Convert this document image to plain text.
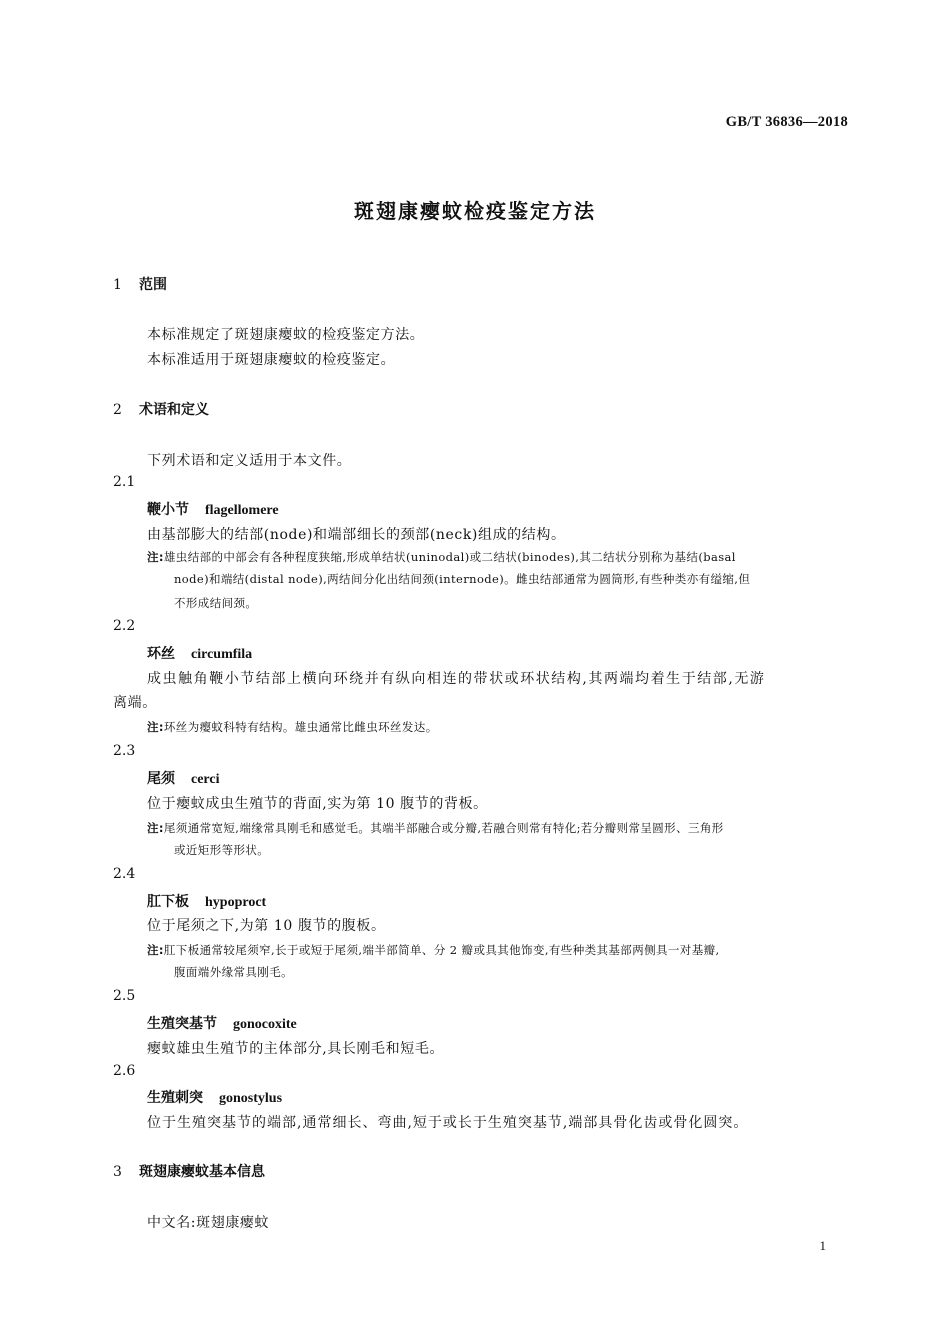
GB/T 36836—2018
斑翅康瘿蚊检疫鉴定方法
1 范围
本标准规定了斑翅康瘿蚊的检疫鉴定方法。
本标准适用于斑翅康瘿蚊的检疫鉴定。
2 术语和定义
下列术语和定义适用于本文件。
2.1
鞭小节 flagellomere
由基部膨大的结部(node)和端部细长的颈部(neck)组成的结构。
注:雄虫结部的中部会有各种程度狭缩,形成单结状(uninodal)或二结状(binodes),其二结状分别称为基结(basal
node)和端结(distal node),两结间分化出结间颈(internode)。雌虫结部通常为圆筒形,有些种类亦有缢缩,但
不形成结间颈。
2.2
环丝 circumfila
成虫触角鞭小节结部上横向环绕并有纵向相连的带状或环状结构,其两端均着生于结部,无游
离端。
注:环丝为瘿蚊科特有结构。雄虫通常比雌虫环丝发达。
2.3
尾须 cerci
位于瘿蚊成虫生殖节的背面,实为第 10 腹节的背板。
注:尾须通常宽短,端缘常具刚毛和感觉毛。其端半部融合或分瓣,若融合则常有特化;若分瓣则常呈圆形、三角形
或近矩形等形状。
2.4
肛下板 hypoproct
位于尾须之下,为第 10 腹节的腹板。
注:肛下板通常较尾须窄,长于或短于尾须,端半部简单、分 2 瓣或具其他饰变,有些种类其基部两侧具一对基瓣,
腹面端外缘常具刚毛。
2.5
生殖突基节 gonocoxite
瘿蚊雄虫生殖节的主体部分,具长刚毛和短毛。
2.6
生殖刺突 gonostylus
位于生殖突基节的端部,通常细长、弯曲,短于或长于生殖突基节,端部具骨化齿或骨化圆突。
3 斑翅康瘿蚊基本信息
中文名:斑翅康瘿蚊
1
